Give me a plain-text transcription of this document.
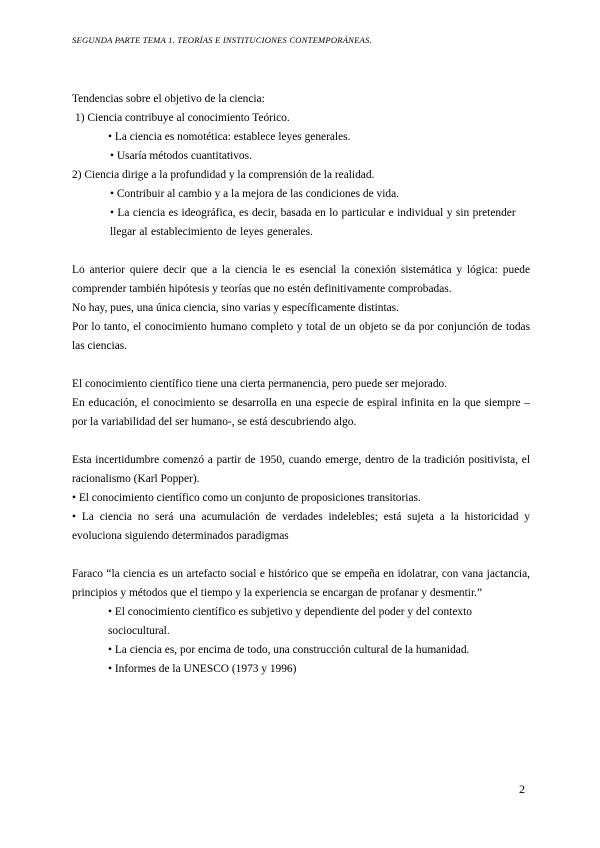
SEGUNDA PARTE TEMA 1. TEORÍAS E INSTITUCIONES CONTEMPORÁNEAS.

Tendencias sobre el objetivo de la ciencia:

1) Ciencia contribuye al conocimiento Teórico.

• La ciencia es nomotética: establece leyes generales.

• Usaría métodos cuantitativos.

2) Ciencia dirige a la profundidad y la comprensión de la realidad.

• Contribuir al cambio y a la mejora de las condiciones de vida.

• La ciencia es ideográfica, es decir, basada en lo particular e individual y sin pretender llegar al establecimiento de leyes generales.

Lo anterior quiere decir que a la ciencia le es esencial la conexión sistemática y lógica: puede comprender también hipótesis y teorías que no estén definitivamente comprobadas.

No hay, pues, una única ciencia, sino varias y específicamente distintas.

Por lo tanto, el conocimiento humano completo y total de un objeto se da por conjunción de todas las ciencias.

El conocimiento científico tiene una cierta permanencia, pero puede ser mejorado.

En educación, el conocimiento se desarrolla en una especie de espiral infinita en la que siempre –por la variabilidad del ser humano-, se está descubriendo algo.

Esta incertidumbre comenzó a partir de 1950, cuando emerge, dentro de la tradición positivista, el racionalismo (Karl Popper).

• El conocimiento científico como un conjunto de proposiciones transitorias.

• La ciencia no será una acumulación de verdades indelebles; está sujeta a la historicidad y evoluciona siguiendo determinados paradigmas

Faraco “la ciencia es un artefacto social e histórico que se empeña en idolatrar, con vana jactancia, principios y métodos que el tiempo y la experiencia se encargan de profanar y desmentir.”

• El conocimiento científico es subjetivo y dependiente del poder y del contexto sociocultural.

• La ciencia es, por encima de todo, una construcción cultural de la humanidad.

• Informes de la UNESCO (1973 y 1996)

2
